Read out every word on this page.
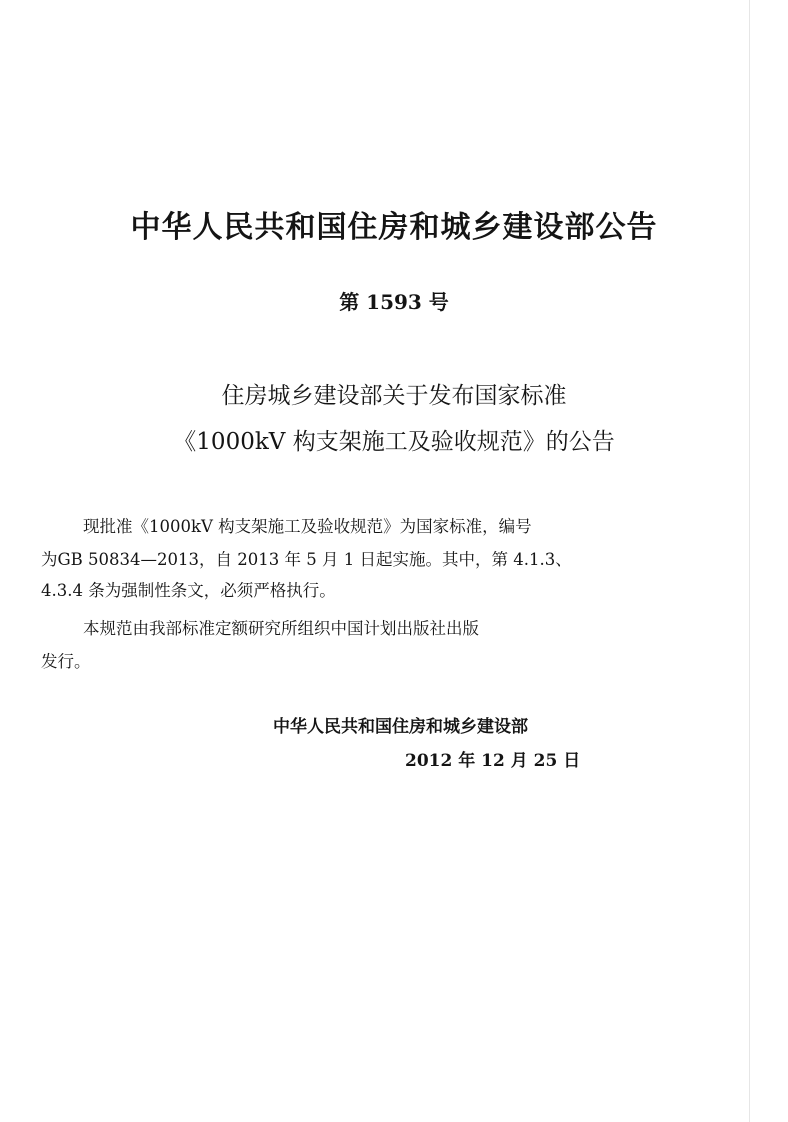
中华人民共和国住房和城乡建设部公告
第 1593 号
住房城乡建设部关于发布国家标准
《1000kV 构支架施工及验收规范》的公告
现批准《1000kV 构支架施工及验收规范》为国家标准，编号
为GB 50834—2013，自 2013 年 5 月 1 日起实施。其中，第 4.1.3、
4.3.4 条为强制性条文，必须严格执行。
本规范由我部标准定额研究所组织中国计划出版社出版
发行。
中华人民共和国住房和城乡建设部
2012 年 12 月 25 日
